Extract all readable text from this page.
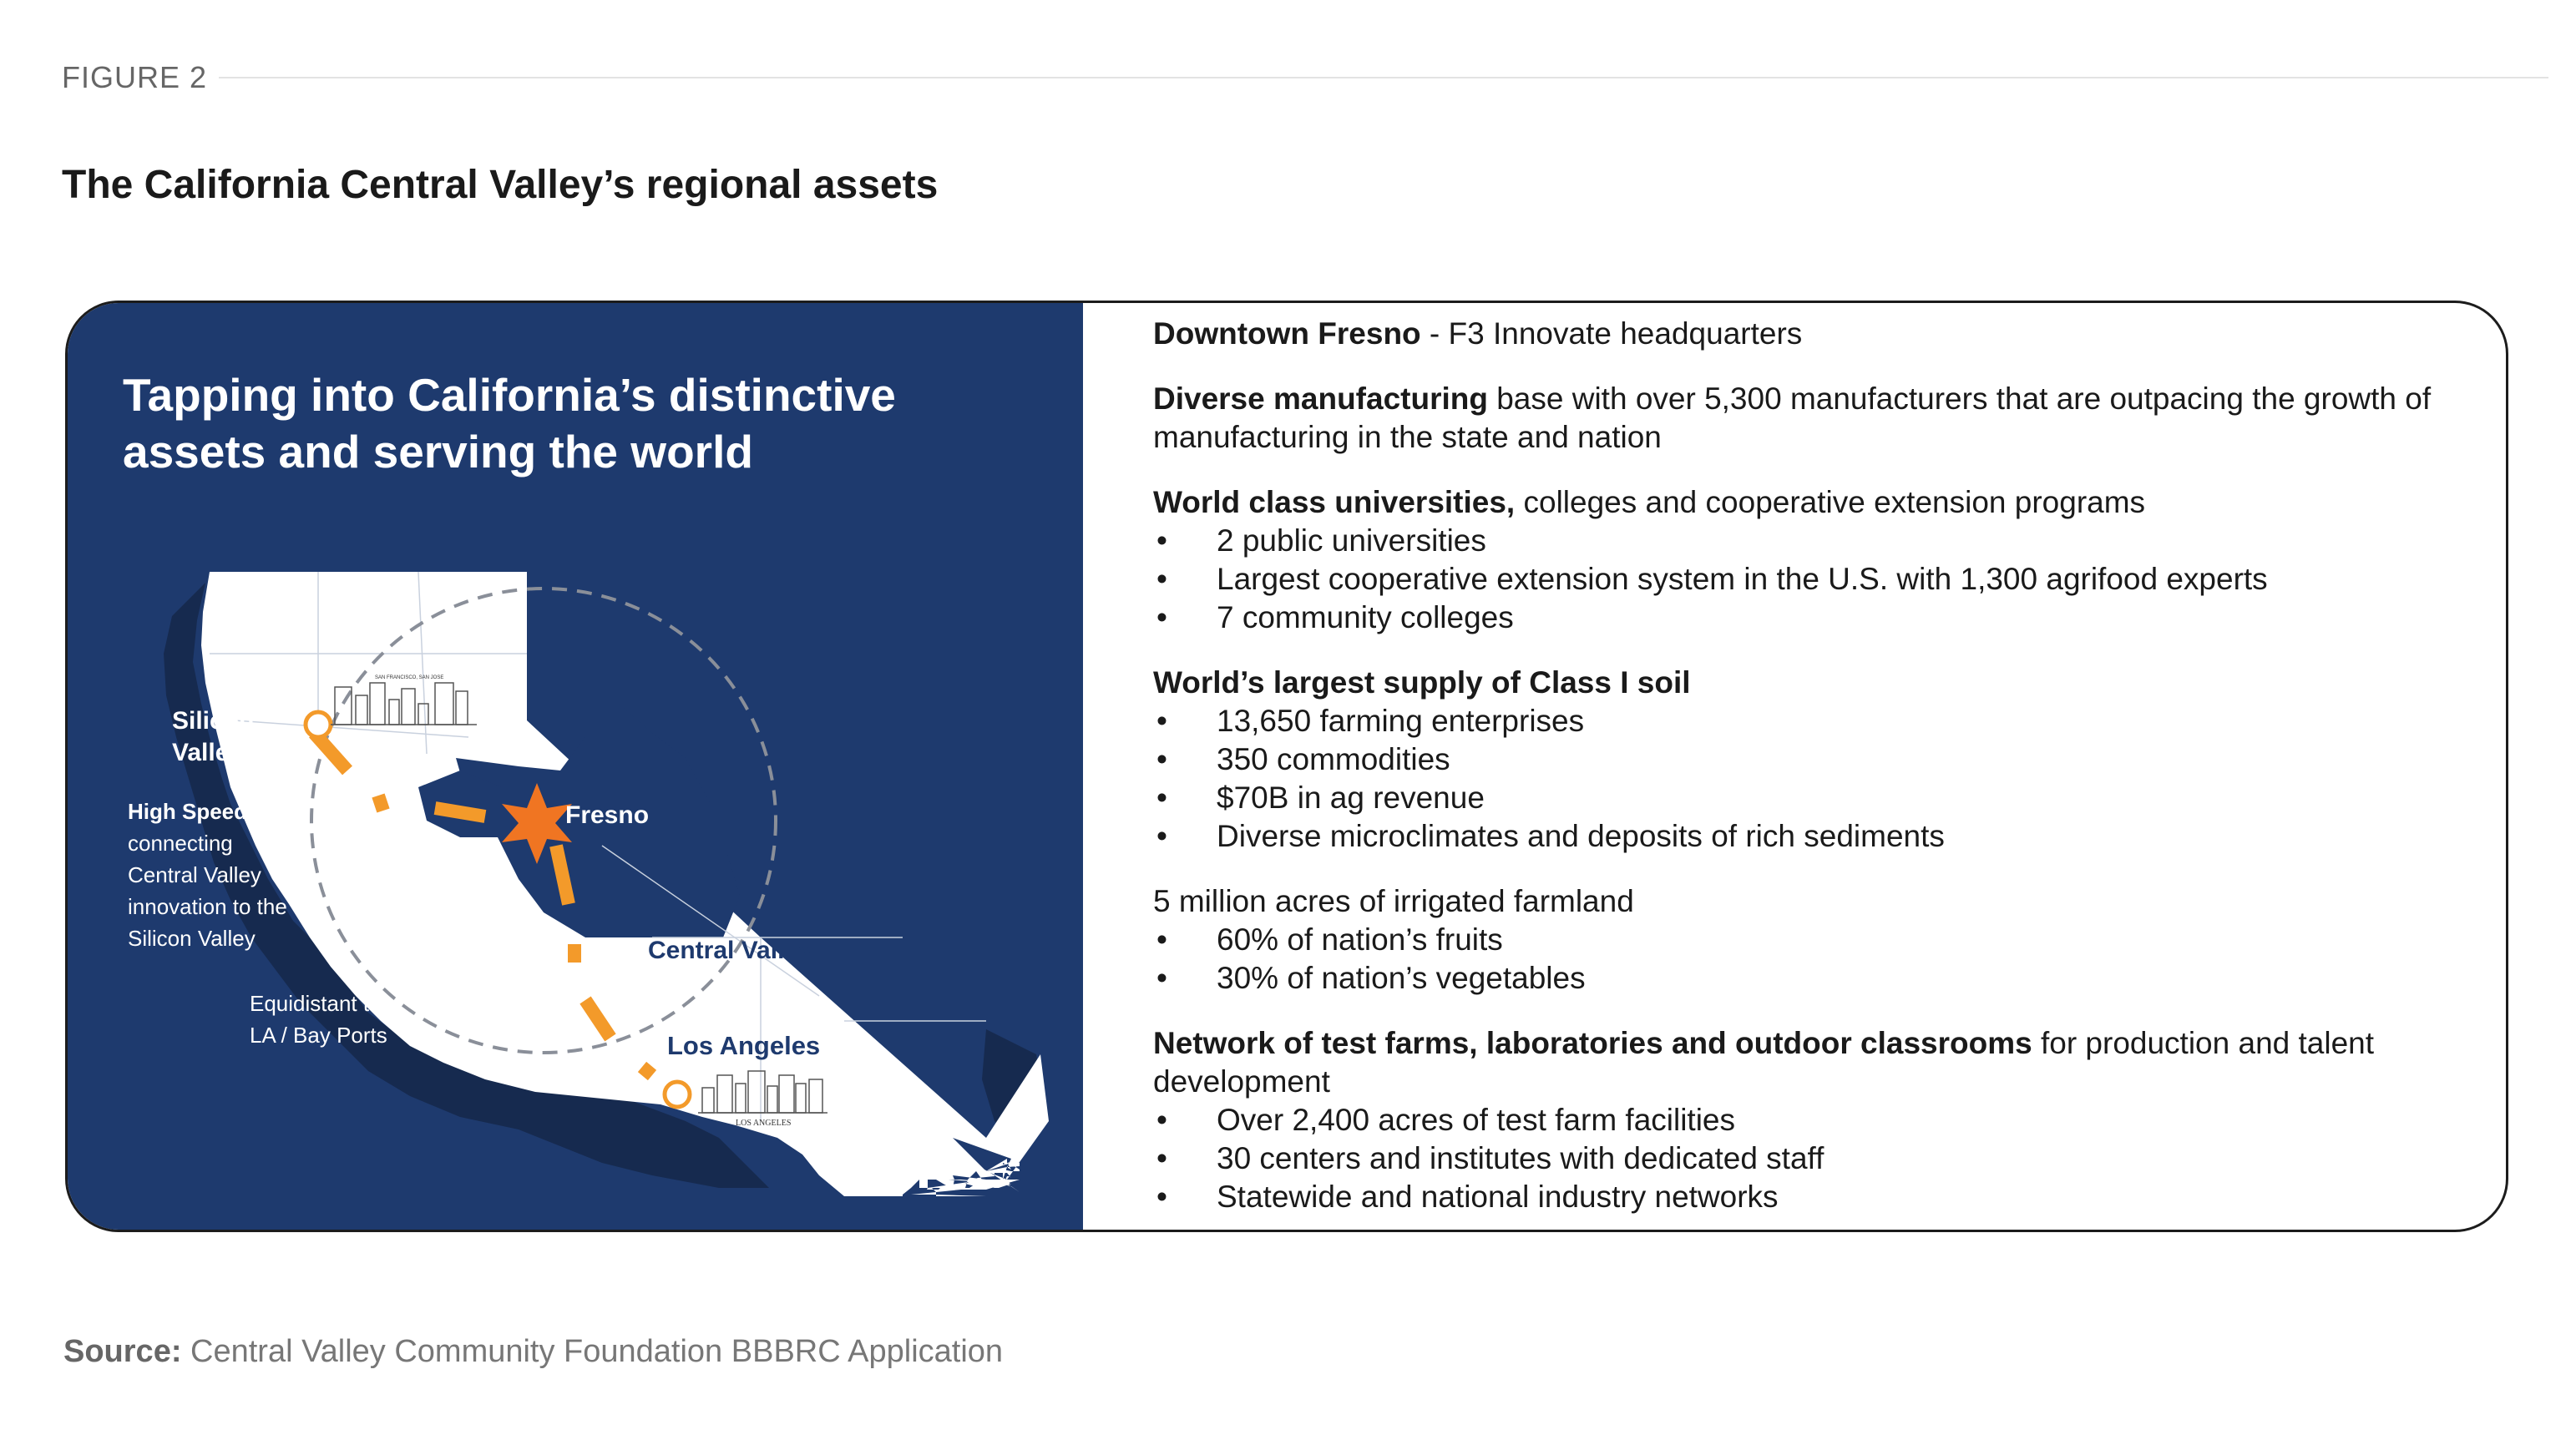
FIGURE 2
The California Central Valley’s regional assets
SAN FRANCISCO, SAN JOSE
LOS ANGELES
Silicon
Valley
High Speed Rail	Fresno
Central Valley
Los Angeles
connecting
Central Valley
innovation to the
Silicon Valley
Equidistant to
LA / Bay Ports
Tapping into California’s distinctive assets and serving the world

Downtown Fresno - F3 Innovate headquarters

Diverse manufacturing base with over 5,300 manufacturers that are outpacing the growth of manufacturing in the state and nation

World class universities, colleges and cooperative extension programs

• 2 public universities
• Largest cooperative extension system in the U.S. with 1,300 agrifood experts
• 7 community colleges

World’s largest supply of Class I soil

• 13,650 farming enterprises
• 350 commodities
• $70B in ag revenue
• Diverse microclimates and deposits of rich sediments

5 million acres of irrigated farmland

• 60% of nation’s fruits
• 30% of nation’s vegetables

Network of test farms, laboratories and outdoor classrooms for production and talent development

• Over 2,400 acres of test farm facilities
• 30 centers and institutes with dedicated staff
• Statewide and national industry networks
Source: Central Valley Community Foundation BBBRC Application
